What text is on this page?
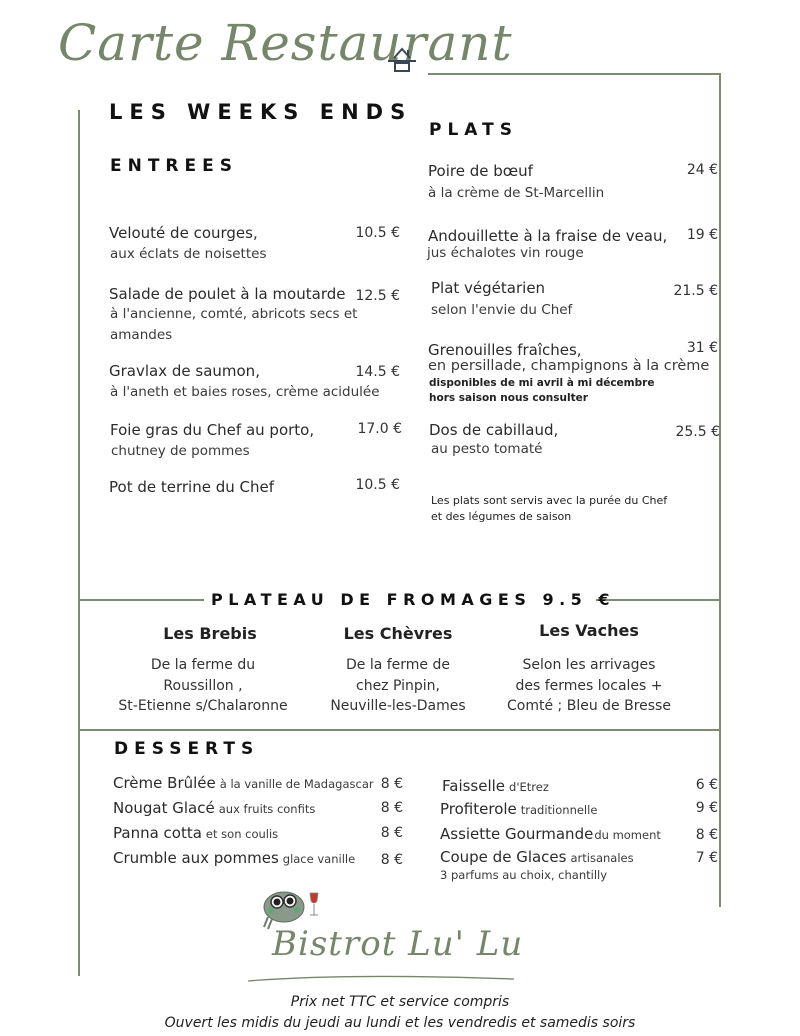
Carte Restaurant
LES WEEKS ENDS
ENTREES
Velouté de courges,	10.5 €
aux éclats de noisettes
Salade de poulet à la moutarde 12.5 €
à l'ancienne, comté, abricots secs et
amandes
Gravlax de saumon,	14.5 €
à l'aneth et baies roses, crème acidulée
Foie gras du Chef au porto,	17.0 €
chutney de pommes
Pot de terrine du Chef	10.5 €
PLATS
Poire de bœuf	24 €
à la crème de St-Marcellin
Andouillette à la fraise de veau, 19 €
jus échalotes vin rouge
Plat végétarien	21.5 €
selon l'envie du Chef
Grenouilles fraîches,	31 €
en persillade, champignons à la crème
disponibles de mi avril à mi décembre
hors saison nous consulter
Dos de cabillaud,	25.5 €
au pesto tomaté
Les plats sont servis avec la purée du Chef
et des légumes de saison
PLATEAU DE FROMAGES 9.5 €
Les Brebis
De la ferme du
Roussillon ,
St-Etienne s/Chalaronne
Les Chèvres
De la ferme de
chez Pinpin,
Neuville-les-Dames
Les Vaches
Selon les arrivages
des fermes locales +
Comté ; Bleu de Bresse
DESSERTS
Crème Brûlée à la vanille de Madagascar 8 €
Nougat Glacé aux fruits confits	8 €
Panna cotta et son coulis	8 €
Crumble aux pommes glace vanille 8 €
Faisselle d'Etrez	6 €
Profiterole traditionnelle	9 €
Assiette Gourmandedu moment 8 €
Coupe de Glaces artisanales	7 €
3 parfums au choix, chantilly
Bistrot Lu' Lu
Prix net TTC et service compris
Ouvert les midis du jeudi au lundi et les vendredis et samedis soirs
